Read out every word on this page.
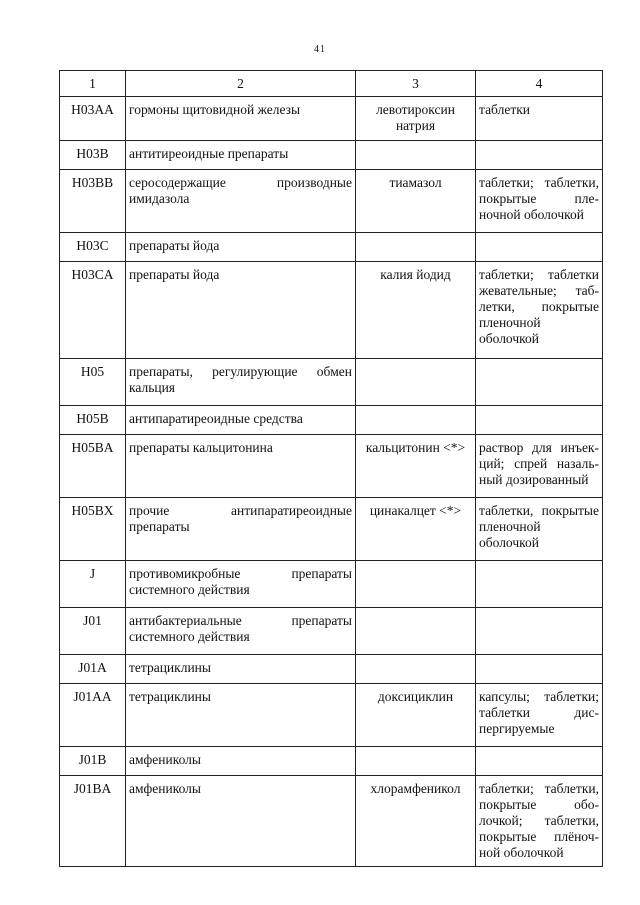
41
1	2	3	4
H03AA	гормоны щитовидной железы	левотироксин натрия	таблетки
H03B	антитиреоидные препараты		
H03BB	серосодержащие производные имидазола	тиамазол	таблетки; таблетки, покрытые пленочной оболочкой
H03C	препараты йода		
H03CA	препараты йода	калия йодид	таблетки; таблетки жевательные; таблетки, покрытые пленочной оболочкой
H05	препараты, регулирующие обмен кальция		
H05B	антипаратиреоидные средства		
H05BA	препараты кальцитонина	кальцитонин <*>	раствор для инъекций; спрей назальный дозированный
H05BX	прочие антипаратиреоидные препараты	цинакалцет <*>	таблетки, покрытые пленочной оболочкой
J	противомикробные препараты системного действия		
J01	антибактериальные препараты системного действия		
J01A	тетрациклины		
J01AA	тетрациклины	доксициклин	капсулы; таблетки; таблетки диспергируемые
J01B	амфениколы		
J01BA	амфениколы	хлорамфеникол	таблетки; таблетки, покрытые оболочкой; таблетки, покрытые плёночной оболочкой
